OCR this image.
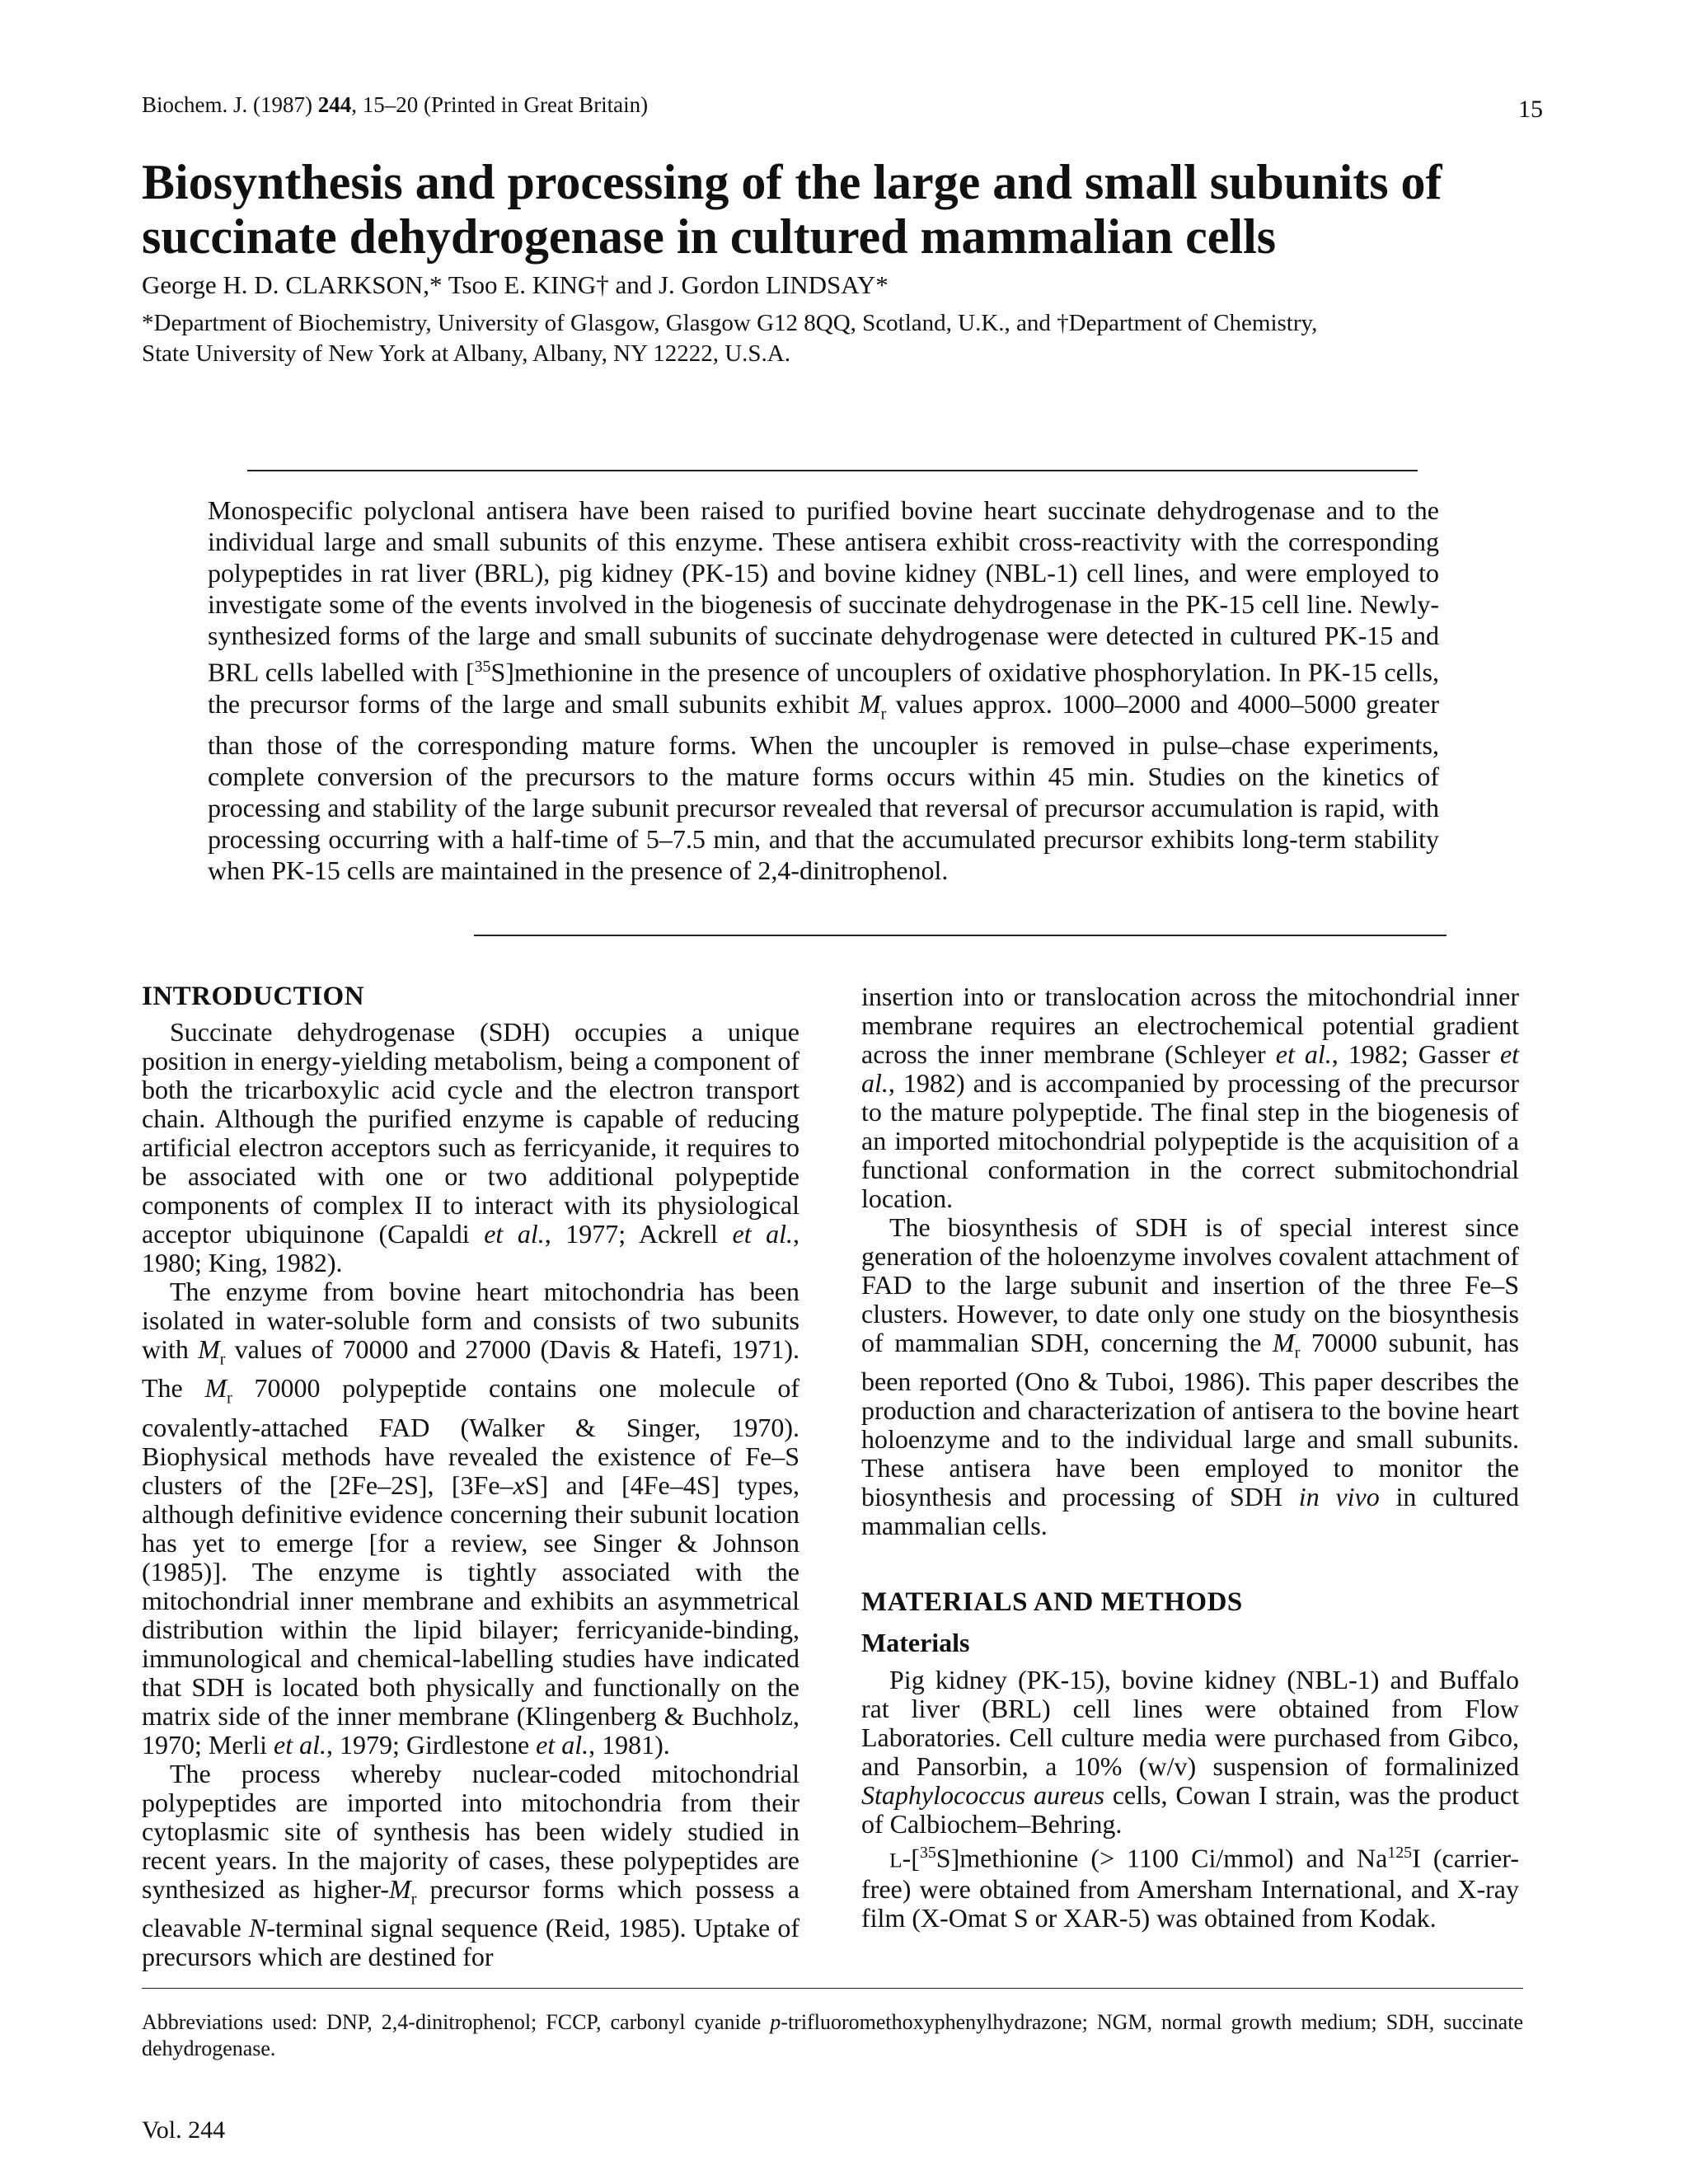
Biochem. J. (1987) 244, 15–20 (Printed in Great Britain)	15
Biosynthesis and processing of the large and small subunits of
succinate dehydrogenase in cultured mammalian cells
George H. D. CLARKSON,* Tsoo E. KING† and J. Gordon LINDSAY*
*Department of Biochemistry, University of Glasgow, Glasgow G12 8QQ, Scotland, U.K., and †Department of Chemistry,
State University of New York at Albany, Albany, NY 12222, U.S.A.

Monospecific polyclonal antisera have been raised to purified bovine heart succinate dehydrogenase and to the individual large and small subunits of this enzyme. These antisera exhibit cross-reactivity with the corresponding polypeptides in rat liver (BRL), pig kidney (PK-15) and bovine kidney (NBL-1) cell lines, and were employed to investigate some of the events involved in the biogenesis of succinate dehydrogenase in the PK-15 cell line. Newly-synthesized forms of the large and small subunits of succinate dehydrogenase were detected in cultured PK-15 and BRL cells labelled with [$^{35}$S]methionine in the presence of uncouplers of oxidative phosphorylation. In PK-15 cells, the precursor forms of the large and small subunits exhibit $M_r$ values approx. 1000–2000 and 4000–5000 greater than those of the corresponding mature forms. When the uncoupler is removed in pulse–chase experiments, complete conversion of the precursors to the mature forms occurs within 45 min. Studies on the kinetics of processing and stability of the large subunit precursor revealed that reversal of precursor accumulation is rapid, with processing occurring with a half-time of 5–7.5 min, and that the accumulated precursor exhibits long-term stability when PK-15 cells are maintained in the presence of 2,4-dinitrophenol.

INTRODUCTION

Succinate dehydrogenase (SDH) occupies a unique position in energy-yielding metabolism, being a component of both the tricarboxylic acid cycle and the electron transport chain. Although the purified enzyme is capable of reducing artificial electron acceptors such as ferricyanide, it requires to be associated with one or two additional polypeptide components of complex II to interact with its physiological acceptor ubiquinone (Capaldi et al., 1977; Ackrell et al., 1980; King, 1982).

The enzyme from bovine heart mitochondria has been isolated in water-soluble form and consists of two subunits with $M_r$ values of 70000 and 27000 (Davis & Hatefi, 1971). The $M_r$ 70000 polypeptide contains one molecule of covalently-attached FAD (Walker & Singer, 1970). Biophysical methods have revealed the existence of Fe–S clusters of the [2Fe–2S], [3Fe–xS] and [4Fe–4S] types, although definitive evidence concerning their subunit location has yet to emerge [for a review, see Singer & Johnson (1985)]. The enzyme is tightly associated with the mitochondrial inner membrane and exhibits an asymmetrical distribution within the lipid bilayer; ferricyanide-binding, immunological and chemical-labelling studies have indicated that SDH is located both physically and functionally on the matrix side of the inner membrane (Klingenberg & Buchholz, 1970; Merli et al., 1979; Girdlestone et al., 1981).

The process whereby nuclear-coded mitochondrial polypeptides are imported into mitochondria from their cytoplasmic site of synthesis has been widely studied in recent years. In the majority of cases, these polypeptides are synthesized as higher-$M_r$ precursor forms which possess a cleavable N-terminal signal sequence (Reid, 1985). Uptake of precursors which are destined for

insertion into or translocation across the mitochondrial inner membrane requires an electrochemical potential gradient across the inner membrane (Schleyer et al., 1982; Gasser et al., 1982) and is accompanied by processing of the precursor to the mature polypeptide. The final step in the biogenesis of an imported mitochondrial polypeptide is the acquisition of a functional conformation in the correct submitochondrial location.

The biosynthesis of SDH is of special interest since generation of the holoenzyme involves covalent attachment of FAD to the large subunit and insertion of the three Fe–S clusters. However, to date only one study on the biosynthesis of mammalian SDH, concerning the $M_r$ 70000 subunit, has been reported (Ono & Tuboi, 1986). This paper describes the production and characterization of antisera to the bovine heart holoenzyme and to the individual large and small subunits. These antisera have been employed to monitor the biosynthesis and processing of SDH in vivo in cultured mammalian cells.

MATERIALS AND METHODS
Materials

Pig kidney (PK-15), bovine kidney (NBL-1) and Buffalo rat liver (BRL) cell lines were obtained from Flow Laboratories. Cell culture media were purchased from Gibco, and Pansorbin, a 10% (w/v) suspension of formalinized Staphylococcus aureus cells, Cowan I strain, was the product of Calbiochem–Behring.

L-[$^{35}$S]methionine (> 1100 Ci/mmol) and Na$^{125}$I (carrier-free) were obtained from Amersham International, and X-ray film (X-Omat S or XAR-5) was obtained from Kodak.

Abbreviations used: DNP, 2,4-dinitrophenol; FCCP, carbonyl cyanide p-trifluoromethoxyphenylhydrazone; NGM, normal growth medium; SDH, succinate dehydrogenase.
Vol. 244
